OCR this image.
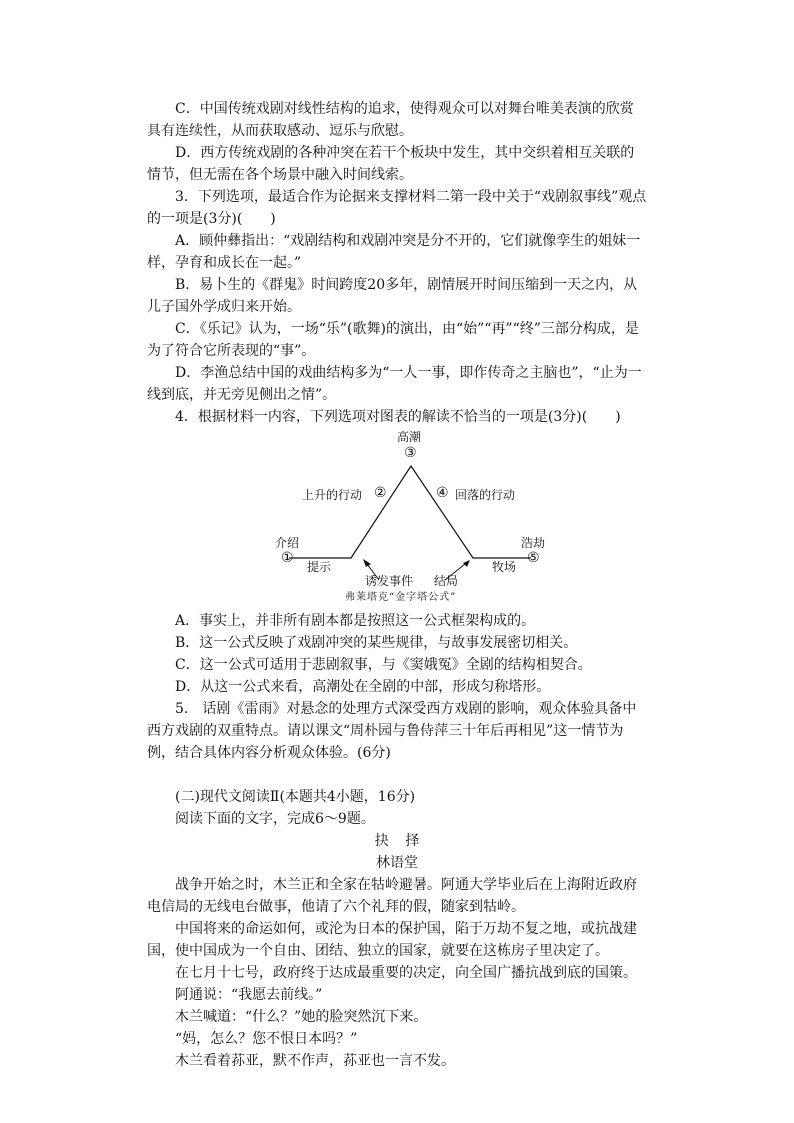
C．中国传统戏剧对线性结构的追求，使得观众可以对舞台唯美表演的欣赏具有连续性，从而获取感动、逗乐与欣慰。

D．西方传统戏剧的各种冲突在若干个板块中发生，其中交织着相互关联的情节，但无需在各个场景中融入时间线索。

3．下列选项，最适合作为论据来支撑材料二第一段中关于“戏剧叙事线”观点的一项是(3分)(　　)

A．顾仲彝指出：“戏剧结构和戏剧冲突是分不开的，它们就像孪生的姐妹一样，孕育和成长在一起。”

B．易卜生的《群鬼》时间跨度20多年，剧情展开时间压缩到一天之内，从儿子国外学成归来开始。

C．《乐记》认为，一场“乐”(歌舞)的演出，由“始”“再”“终”三部分构成，是为了符合它所表现的“事”。

D．李渔总结中国的戏曲结构多为“一人一事，即作传奇之主脑也”，“止为一线到底，并无旁见侧出之情”。

4．根据材料一内容，下列选项对图表的解读不恰当的一项是(3分)(　　)

高潮
③
上升的行动 ②	④ 回落的行动
介绍
①
提示
浩劫
⑤
牧场
诱发事件 结局
弗莱塔克“金字塔公式”

A．事实上，并非所有剧本都是按照这一公式框架构成的。

B．这一公式反映了戏剧冲突的某些规律，与故事发展密切相关。

C．这一公式可适用于悲剧叙事，与《窦娥冤》全剧的结构相契合。

D．从这一公式来看，高潮处在全剧的中部，形成匀称塔形。

5.　话剧《雷雨》对悬念的处理方式深受西方戏剧的影响，观众体验具备中西方戏剧的双重特点。请以课文“周朴园与鲁侍萍三十年后再相见”这一情节为例，结合具体内容分析观众体验。(6分)

(二)现代文阅读Ⅱ(本题共4小题，16分)

阅读下面的文字，完成6～9题。

抉择

林语堂

战争开始之时，木兰正和全家在牯岭避暑。阿通大学毕业后在上海附近政府电信局的无线电台做事，他请了六个礼拜的假，随家到牯岭。

中国将来的命运如何，或沦为日本的保护国，陷于万劫不复之地，或抗战建国，使中国成为一个自由、团结、独立的国家，就要在这栋房子里决定了。

在七月十七号，政府终于达成最重要的决定，向全国广播抗战到底的国策。

阿通说：“我愿去前线。”

木兰喊道：“什么？”她的脸突然沉下来。

“妈，怎么？您不恨日本吗？”

木兰看着荪亚，默不作声，荪亚也一言不发。
